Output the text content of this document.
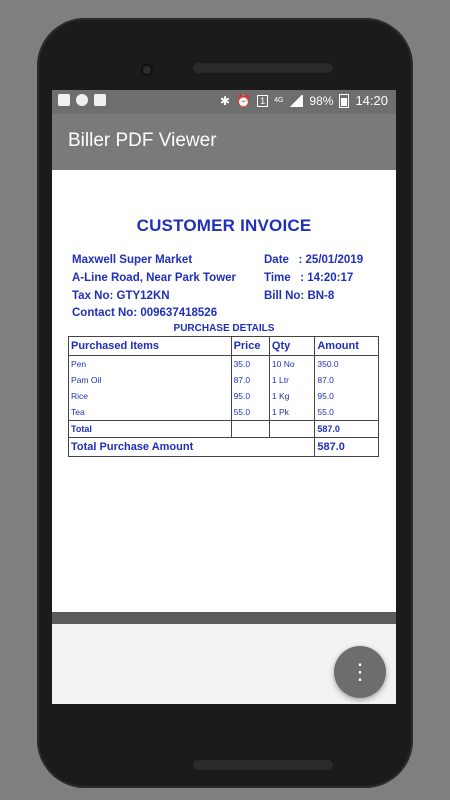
✱ ⏰	1	4G 98% 14:20
Biller PDF Viewer
CUSTOMER INVOICE
Maxwell Super Market
A-Line Road, Near Park Tower
Tax No: GTY12KN
Contact No: 009637418526
Date   : 25/01/2019
Time   : 14:20:17
Bill No: BN-8
PURCHASE DETAILS
Purchased Items	Price	Qty	Amount
Pen	35.0	10 No	350.0
Pam Oil	87.0	1 Ltr	87.0
Rice	95.0	1 Kg	95.0
Tea	55.0	1 Pk	55.0
Total			587.0
Total Purchase Amount			587.0
⋮
